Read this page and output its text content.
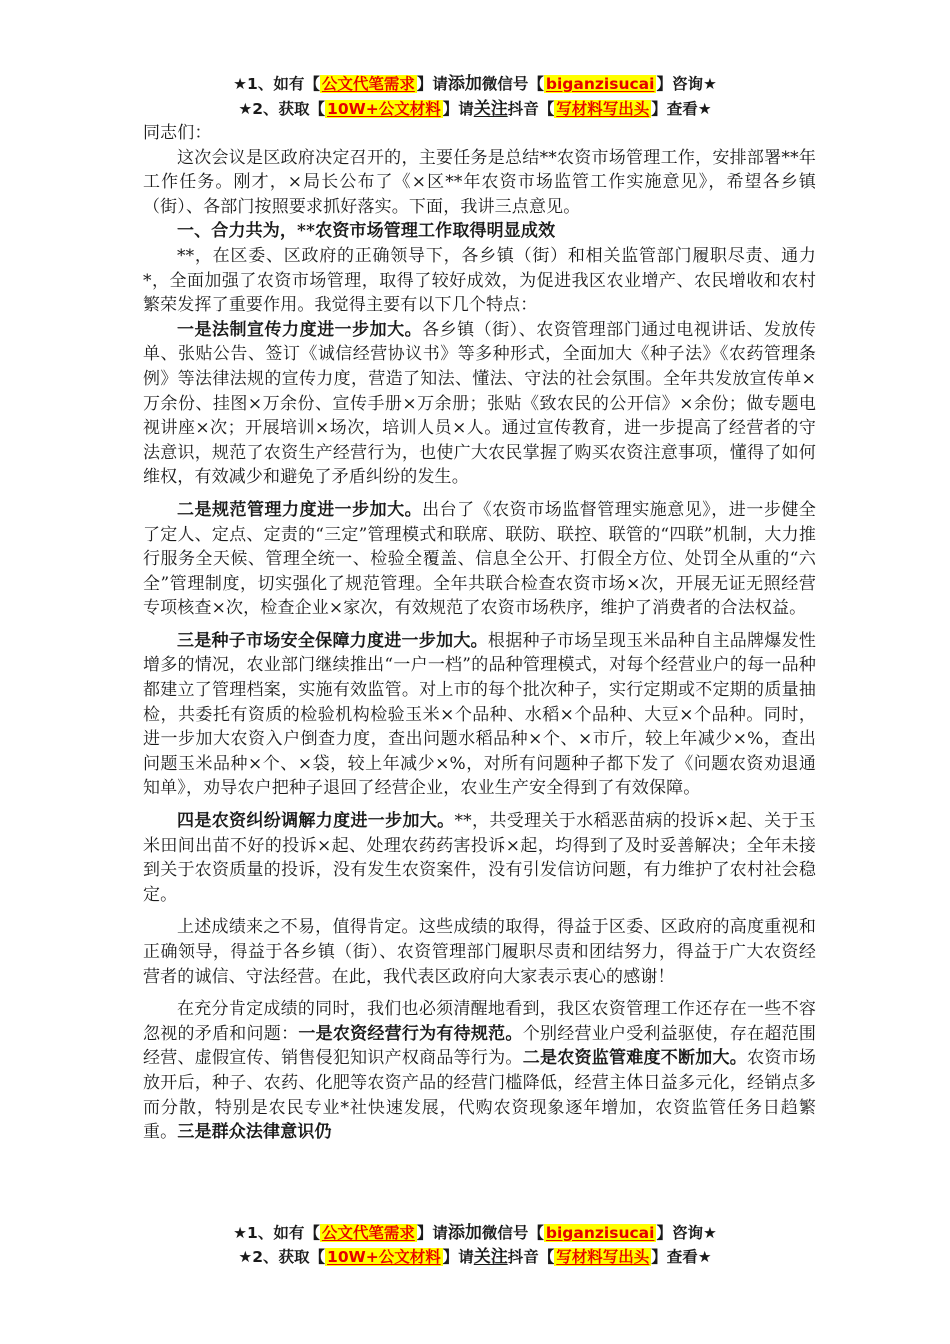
★1、如有【 公文代笔需求 】请添加微信号【 biganzisucai 】咨询★
★2、获取【 10W+公文材料 】请关注抖音【 写材料写出头 】查看★

同志们：

这次会议是区政府决定召开的，主要任务是总结**农资市场管理工作，安排部署**年工作任务。刚才，×局长公布了《×区**年农资市场监管工作实施意见》，希望各乡镇（街）、各部门按照要求抓好落实。下面，我讲三点意见。

一、合力共为，**农资市场管理工作取得明显成效

**，在区委、区政府的正确领导下，各乡镇（街）和相关监管部门履职尽责、通力*，全面加强了农资市场管理，取得了较好成效，为促进我区农业增产、农民增收和农村繁荣发挥了重要作用。我觉得主要有以下几个特点：

一是法制宣传力度进一步加大。各乡镇（街）、农资管理部门通过电视讲话、发放传单、张贴公告、签订《诚信经营协议书》等多种形式，全面加大《种子法》《农药管理条例》等法律法规的宣传力度，营造了知法、懂法、守法的社会氛围。全年共发放宣传单×万余份、挂图×万余份、宣传手册×万余册；张贴《致农民的公开信》×余份；做专题电视讲座×次；开展培训×场次，培训人员×人。通过宣传教育，进一步提高了经营者的守法意识，规范了农资生产经营行为，也使广大农民掌握了购买农资注意事项，懂得了如何维权，有效减少和避免了矛盾纠纷的发生。

二是规范管理力度进一步加大。出台了《农资市场监督管理实施意见》，进一步健全了定人、定点、定责的“三定”管理模式和联席、联防、联控、联管的“四联”机制，大力推行服务全天候、管理全统一、检验全覆盖、信息全公开、打假全方位、处罚全从重的“六全”管理制度，切实强化了规范管理。全年共联合检查农资市场×次，开展无证无照经营专项核查×次，检查企业×家次，有效规范了农资市场秩序，维护了消费者的合法权益。

三是种子市场安全保障力度进一步加大。根据种子市场呈现玉米品种自主品牌爆发性增多的情况，农业部门继续推出“一户一档”的品种管理模式，对每个经营业户的每一品种都建立了管理档案，实施有效监管。对上市的每个批次种子，实行定期或不定期的质量抽检，共委托有资质的检验机构检验玉米×个品种、水稻×个品种、大豆×个品种。同时，进一步加大农资入户倒查力度，查出问题水稻品种×个、×市斤，较上年减少×%，查出问题玉米品种×个、×袋，较上年减少×%，对所有问题种子都下发了《问题农资劝退通知单》，劝导农户把种子退回了经营企业，农业生产安全得到了有效保障。

四是农资纠纷调解力度进一步加大。**，共受理关于水稻恶苗病的投诉×起、关于玉米田间出苗不好的投诉×起、处理农药药害投诉×起，均得到了及时妥善解决；全年未接到关于农资质量的投诉，没有发生农资案件，没有引发信访问题，有力维护了农村社会稳定。

上述成绩来之不易，值得肯定。这些成绩的取得，得益于区委、区政府的高度重视和正确领导，得益于各乡镇（街）、农资管理部门履职尽责和团结努力，得益于广大农资经营者的诚信、守法经营。在此，我代表区政府向大家表示衷心的感谢！

在充分肯定成绩的同时，我们也必须清醒地看到，我区农资管理工作还存在一些不容忽视的矛盾和问题：一是农资经营行为有待规范。个别经营业户受利益驱使，存在超范围经营、虚假宣传、销售侵犯知识产权商品等行为。二是农资监管难度不断加大。农资市场放开后，种子、农药、化肥等农资产品的经营门槛降低，经营主体日益多元化，经销点多而分散，特别是农民专业*社快速发展，代购农资现象逐年增加，农资监管任务日趋繁重。三是群众法律意识仍

★1、如有【 公文代笔需求 】请添加微信号【 biganzisucai 】咨询★
★2、获取【 10W+公文材料 】请关注抖音【 写材料写出头 】查看★
